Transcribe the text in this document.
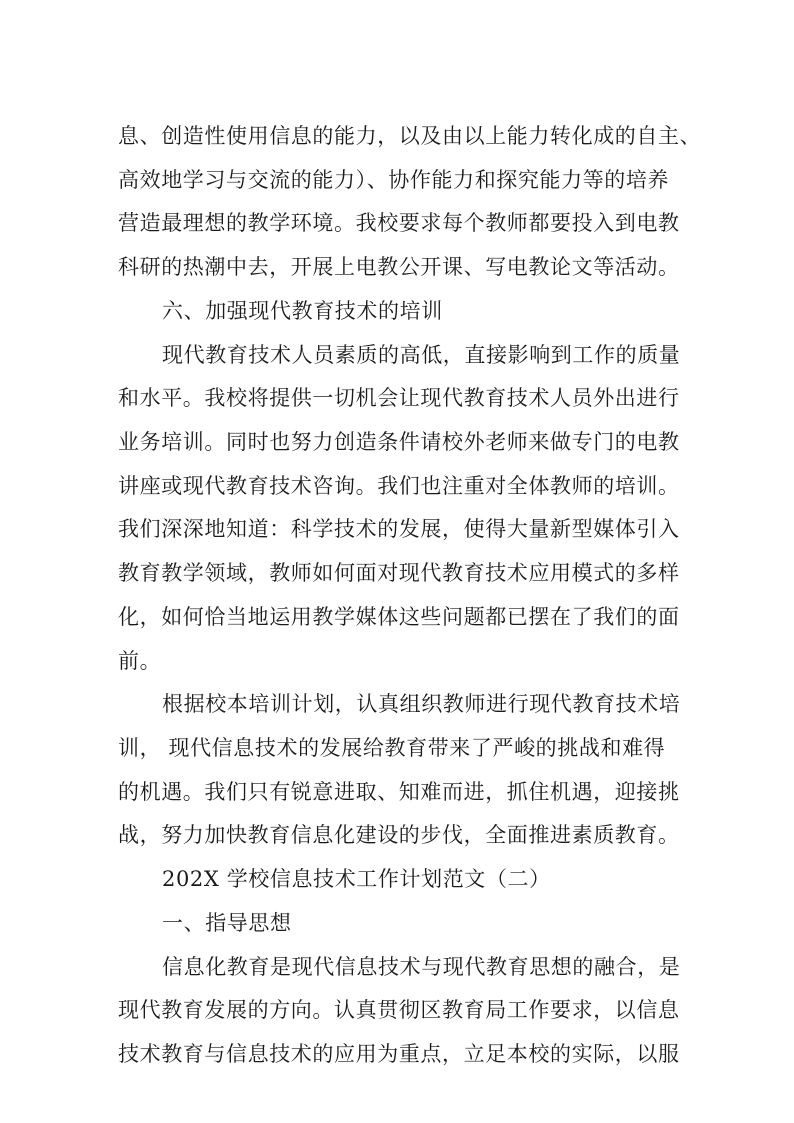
息、创造性使用信息的能力，以及由以上能力转化成的自主、
高效地学习与交流的能力）、协作能力和探究能力等的培养
营造最理想的教学环境。我校要求每个教师都要投入到电教
科研的热潮中去，开展上电教公开课、写电教论文等活动。
六、加强现代教育技术的培训
现代教育技术人员素质的高低，直接影响到工作的质量
和水平。我校将提供一切机会让现代教育技术人员外出进行
业务培训。同时也努力创造条件请校外老师来做专门的电教
讲座或现代教育技术咨询。我们也注重对全体教师的培训。
我们深深地知道：科学技术的发展，使得大量新型媒体引入
教育教学领域，教师如何面对现代教育技术应用模式的多样
化，如何恰当地运用教学媒体这些问题都已摆在了我们的面
前。
根据校本培训计划，认真组织教师进行现代教育技术培
训， 现代信息技术的发展给教育带来了严峻的挑战和难得
的机遇。我们只有锐意进取、知难而进，抓住机遇，迎接挑
战，努力加快教育信息化建设的步伐，全面推进素质教育。
202X 学校信息技术工作计划范文（二）
一、指导思想
信息化教育是现代信息技术与现代教育思想的融合，是
现代教育发展的方向。认真贯彻区教育局工作要求，以信息
技术教育与信息技术的应用为重点，立足本校的实际，以服
